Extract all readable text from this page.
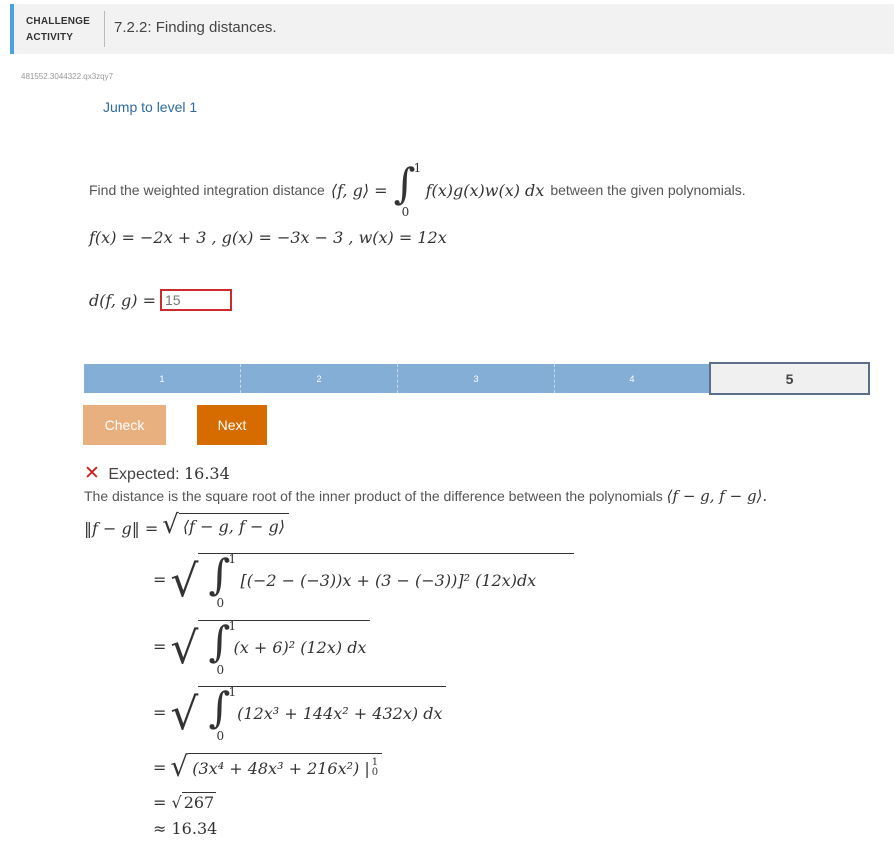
CHALLENGE
ACTIVITY
7.2.2: Finding distances.
481552.3044322.qx3zqy7
Jump to level 1
Find the weighted integration distance ⟨f, g⟩ = ∫
1
0
f(x)g(x)w(x) dx between the given polynomials.
f(x) = −2x + 3 , g(x) = −3x − 3 , w(x) = 12x
d(f, g) =
15
1	2	3	4	5
Check	Next
✕ Expected: 16.34
The distance is the square root of the inner product of the difference between the polynomials ⟨f − g, f − g⟩.
‖f − g‖ = √ ⟨f − g, f − g⟩
= √ ∫
1
0
[(−2 − (−3))x + (3 − (−3))]² (12x)dx
= √ ∫
1
0
(x + 6)² (12x) dx
= √ ∫
1
0
(12x³ + 144x² + 432x) dx
= √ (3x⁴ + 48x³ + 216x²) | 1
0
= √ 267
≈ 16.34
